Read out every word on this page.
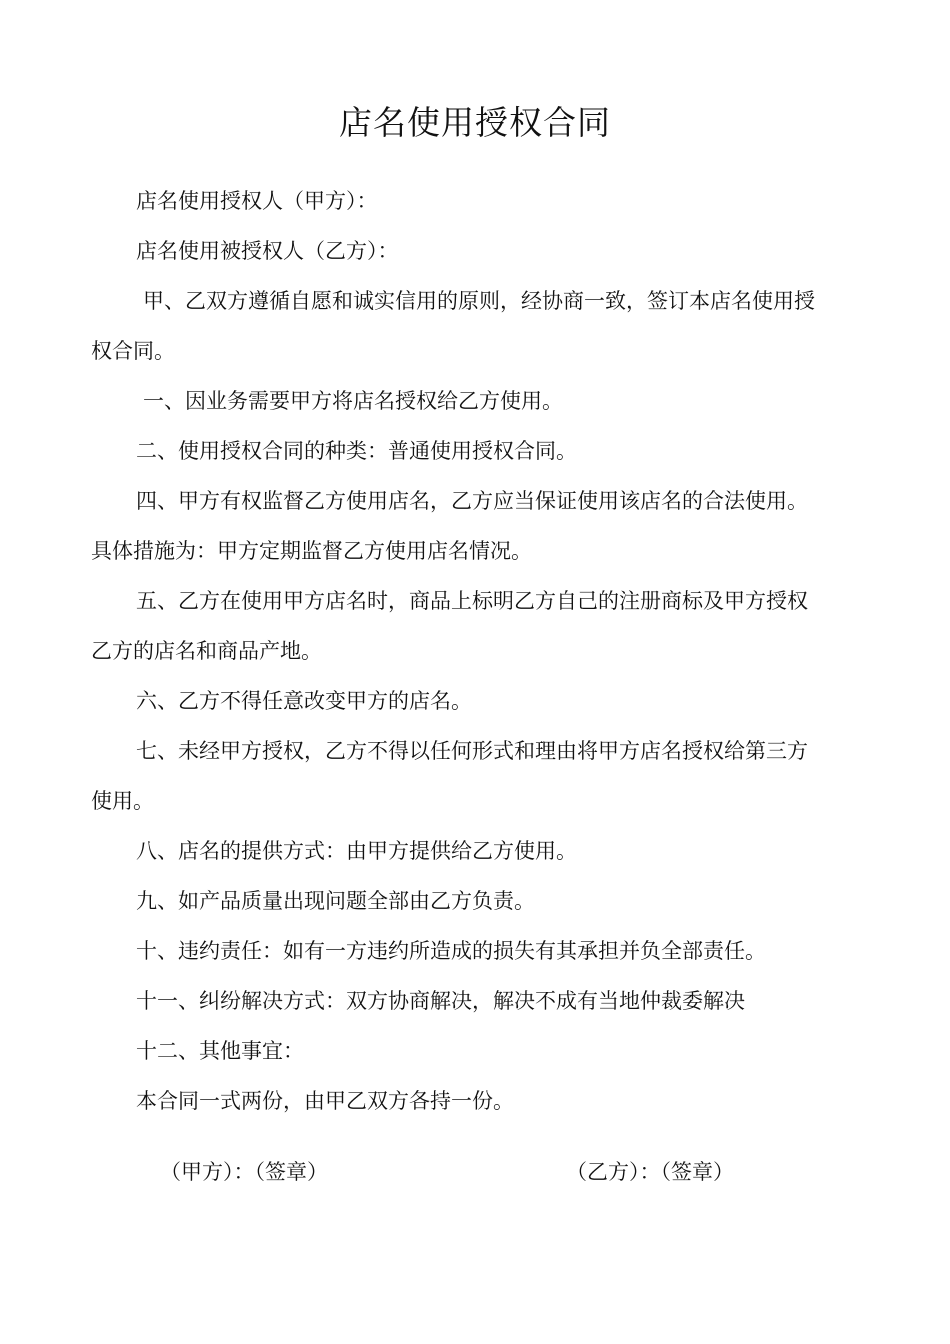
店名使用授权合同

店名使用授权人（甲方）：

店名使用被授权人（乙方）：

甲、乙双方遵循自愿和诚实信用的原则，经协商一致，签订本店名使用授

权合同。

一、因业务需要甲方将店名授权给乙方使用。

二、使用授权合同的种类：普通使用授权合同。

四、甲方有权监督乙方使用店名，乙方应当保证使用该店名的合法使用。

具体措施为：甲方定期监督乙方使用店名情况。

五、乙方在使用甲方店名时，商品上标明乙方自己的注册商标及甲方授权

乙方的店名和商品产地。

六、乙方不得任意改变甲方的店名。

七、未经甲方授权，乙方不得以任何形式和理由将甲方店名授权给第三方

使用。

八、店名的提供方式：由甲方提供给乙方使用。

九、如产品质量出现问题全部由乙方负责。

十、违约责任：如有一方违约所造成的损失有其承担并负全部责任。

十一、纠纷解决方式：双方协商解决，解决不成有当地仲裁委解决

十二、其他事宜：

本合同一式两份，由甲乙双方各持一份。

（甲方）：（签章）	（乙方）：（签章）
